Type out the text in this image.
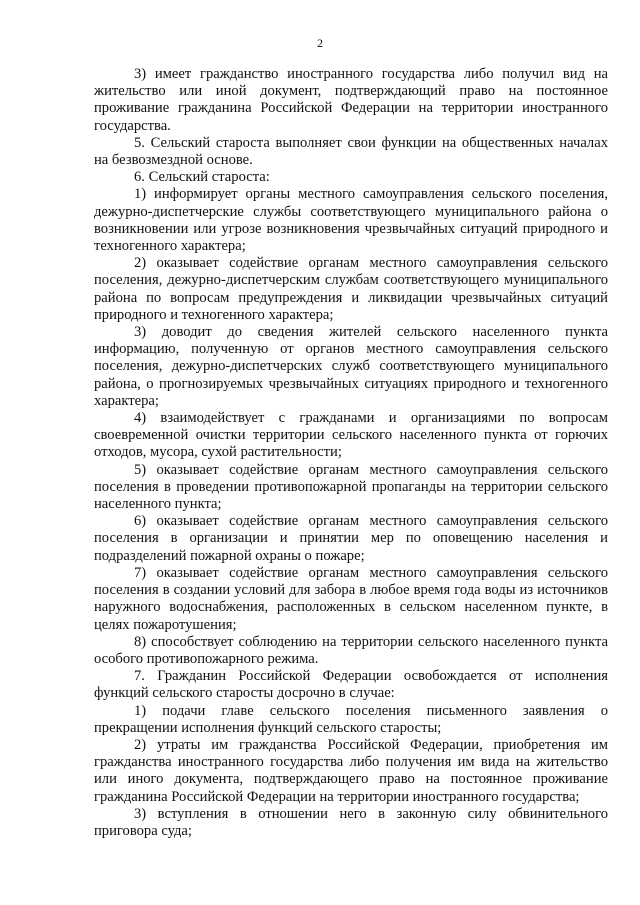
2

3) имеет гражданство иностранного государства либо получил вид на жительство или иной документ, подтверждающий право на постоянное проживание гражданина Российской Федерации на территории иностранного государства.

5. Сельский староста выполняет свои функции на общественных началах на безвозмездной основе.

6. Сельский староста:

1) информирует органы местного самоуправления сельского поселения, дежурно-диспетчерские службы соответствующего муниципального района о возникновении или угрозе возникновения чрезвычайных ситуаций природного и техногенного характера;

2) оказывает содействие органам местного самоуправления сельского поселения, дежурно-диспетчерским службам соответствующего муниципального района по вопросам предупреждения и ликвидации чрезвычайных ситуаций природного и техногенного характера;

3) доводит до сведения жителей сельского населенного пункта информацию, полученную от органов местного самоуправления сельского поселения, дежурно-диспетчерских служб соответствующего муниципального района, о прогнозируемых чрезвычайных ситуациях природного и техногенного характера;

4) взаимодействует с гражданами и организациями по вопросам своевременной очистки территории сельского населенного пункта от горючих отходов, мусора, сухой растительности;

5) оказывает содействие органам местного самоуправления сельского поселения в проведении противопожарной пропаганды на территории сельского населенного пункта;

6) оказывает содействие органам местного самоуправления сельского поселения в организации и принятии мер по оповещению населения и подразделений пожарной охраны о пожаре;

7) оказывает содействие органам местного самоуправления сельского поселения в создании условий для забора в любое время года воды из источников наружного водоснабжения, расположенных в сельском населенном пункте, в целях пожаротушения;

8) способствует соблюдению на территории сельского населенного пункта особого противопожарного режима.

7. Гражданин Российской Федерации освобождается от исполнения функций сельского старосты досрочно в случае:

1) подачи главе сельского поселения письменного заявления о прекращении исполнения функций сельского старосты;

2) утраты им гражданства Российской Федерации, приобретения им гражданства иностранного государства либо получения им вида на жительство или иного документа, подтверждающего право на постоянное проживание гражданина Российской Федерации на территории иностранного государства;

3) вступления в отношении него в законную силу обвинительного приговора суда;
